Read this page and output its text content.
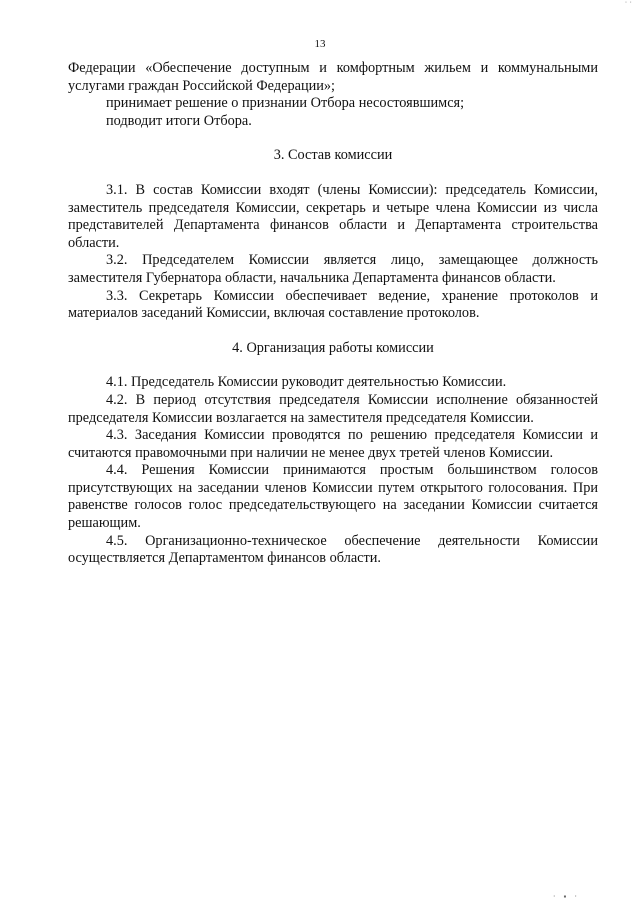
˙ ˙
13

Федерации «Обеспечение доступным и комфортным жильем и коммунальными услугами граждан Российской Федерации»;

принимает решение о признании Отбора несостоявшимся;

подводит итоги Отбора.

3. Состав комиссии

3.1. В состав Комиссии входят (члены Комиссии): председатель Комиссии, заместитель председателя Комиссии, секретарь и четыре члена Комиссии из числа представителей Департамента финансов области и Департамента строительства области.

3.2. Председателем Комиссии является лицо, замещающее должность заместителя Губернатора области, начальника Департамента финансов области.

3.3. Секретарь Комиссии обеспечивает ведение, хранение протоколов и материалов заседаний Комиссии, включая составление протоколов.

4. Организация работы комиссии

4.1. Председатель Комиссии руководит деятельностью Комиссии.

4.2. В период отсутствия председателя Комиссии исполнение обязанностей председателя Комиссии возлагается на заместителя председателя Комиссии.

4.3. Заседания Комиссии проводятся по решению председателя Комиссии и считаются правомочными при наличии не менее двух третей членов Комиссии.

4.4. Решения Комиссии принимаются простым большинством голосов присутствующих на заседании членов Комиссии путем открытого голосования. При равенстве голосов голос председательствующего на заседании Комиссии считается решающим.

4.5. Организационно-техническое обеспечение деятельности Комиссии осуществляется Департаментом финансов области.

· ▪ ·
